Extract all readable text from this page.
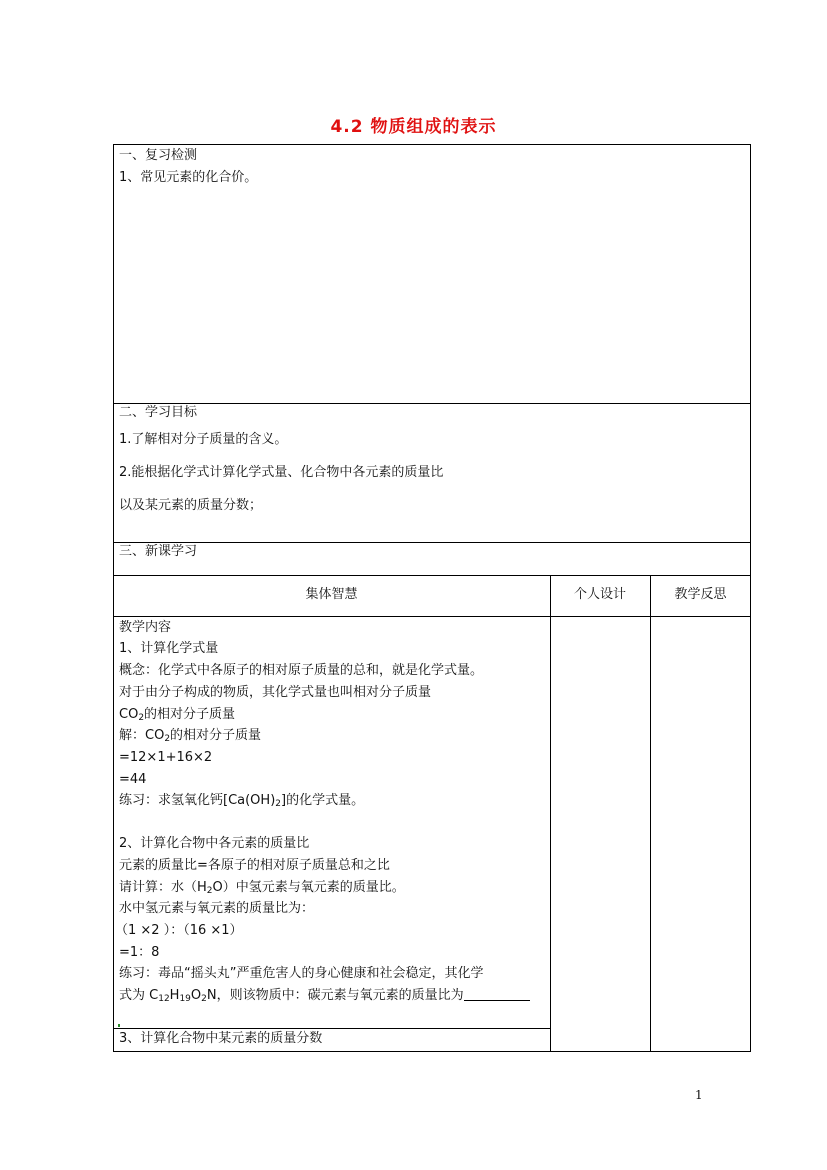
4.2 物质组成的表示
一、复习检测
1、常见元素的化合价。
二、学习目标
1.了解相对分子质量的含义。
2.能根据化学式计算化学式量、化合物中各元素的质量比
以及某元素的质量分数；
三、新课学习
集体智慧	个人设计	教学反思
教学内容
1、计算化学式量
概念：化学式中各原子的相对原子质量的总和，就是化学式量。
对于由分子构成的物质，其化学式量也叫相对分子质量
$CO_2$的相对分子质量
解：$CO_2$的相对分子质量
=12×1+16×2
=44
练习：求氢氧化钙$[Ca(OH)_2]$的化学式量。
2、计算化合物中各元素的质量比
元素的质量比=各原子的相对原子质量总和之比
请计算：水$(H_2O)$中氢元素与氧元素的质量比。
水中氢元素与氧元素的质量比为：
（1 ×2 ）：（16 ×1）
=1：8
练习：毒品“摇头丸”严重危害人的身心健康和社会稳定，其化学
式为 $C_{12}H_{19}O_2N$，则该物质中：碳元素与氧元素的质量比为
3、计算化合物中某元素的质量分数
1
